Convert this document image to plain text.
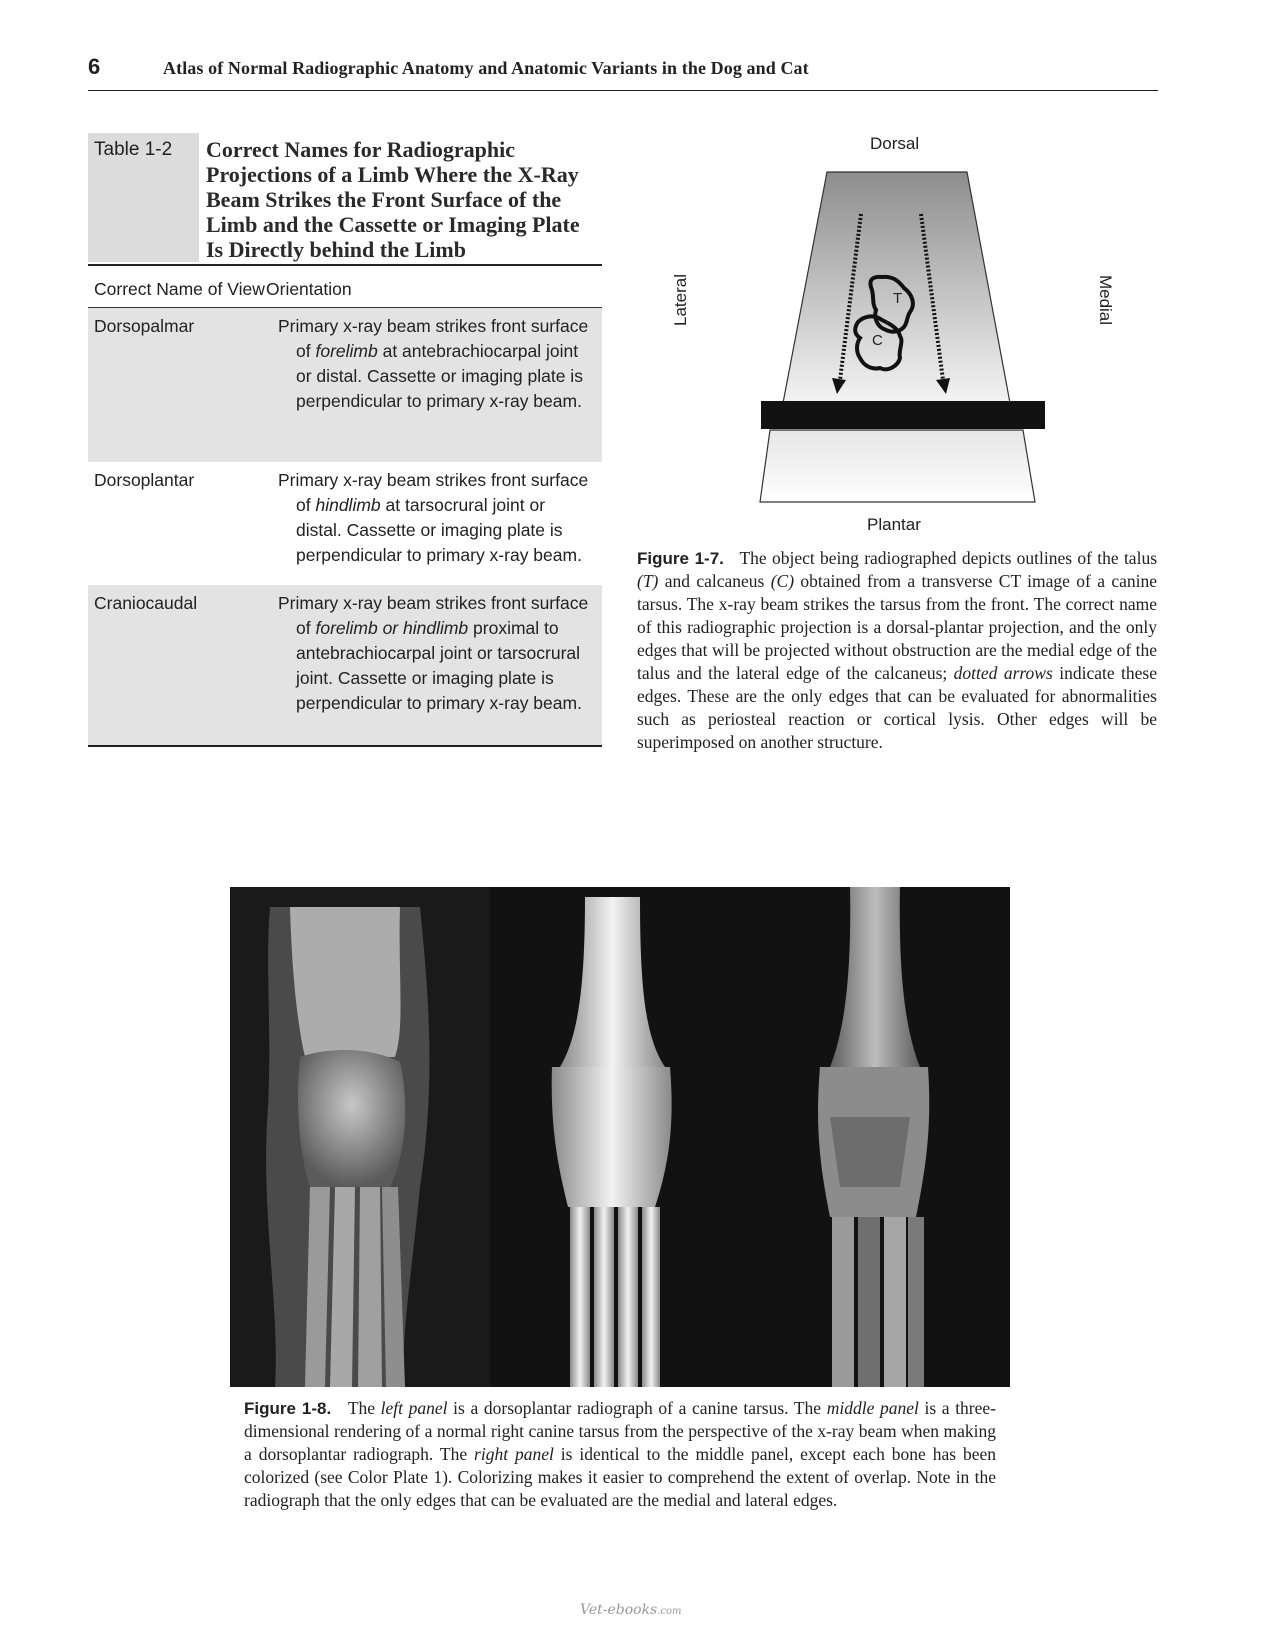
6	Atlas of Normal Radiographic Anatomy and Anatomic Variants in the Dog and Cat
Table 1-2	Correct Names for Radiographic Projections of a Limb Where the X-Ray Beam Strikes the Front Surface of the Limb and the Cassette or Imaging Plate Is Directly behind the Limb
Correct Name of View Orientation
Dorsopalmar	Primary x-ray beam strikes front surface of forelimb at antebrachiocarpal joint or distal. Cassette or imaging plate is perpendicular to primary x-ray beam.
Dorsoplantar	Primary x-ray beam strikes front surface of hindlimb at tarsocrural joint or distal. Cassette or imaging plate is perpendicular to primary x-ray beam.
Craniocaudal	Primary x-ray beam strikes front surface of forelimb or hindlimb proximal to antebrachiocarpal joint or tarsocrural joint. Cassette or imaging plate is perpendicular to primary x-ray beam.
Dorsal
Plantar
Lateral	Medial
T
C
Figure 1-7. The object being radiographed depicts outlines of the talus (T) and calcaneus (C) obtained from a transverse CT image of a canine tarsus. The x-ray beam strikes the tarsus from the front. The correct name of this radiographic projection is a dorsal-plantar projection, and the only edges that will be projected without obstruction are the medial edge of the talus and the lateral edge of the calcaneus; dotted arrows indicate these edges. These are the only edges that can be evaluated for abnormalities such as periosteal reaction or cortical lysis. Other edges will be superimposed on another structure.
Figure 1-8. The left panel is a dorsoplantar radiograph of a canine tarsus. The middle panel is a three-dimensional rendering of a normal right canine tarsus from the perspective of the x-ray beam when making a dorsoplantar radiograph. The right panel is identical to the middle panel, except each bone has been colorized (see Color Plate 1). Colorizing makes it easier to comprehend the extent of overlap. Note in the radiograph that the only edges that can be evaluated are the medial and lateral edges.
Vet-ebooks.com
